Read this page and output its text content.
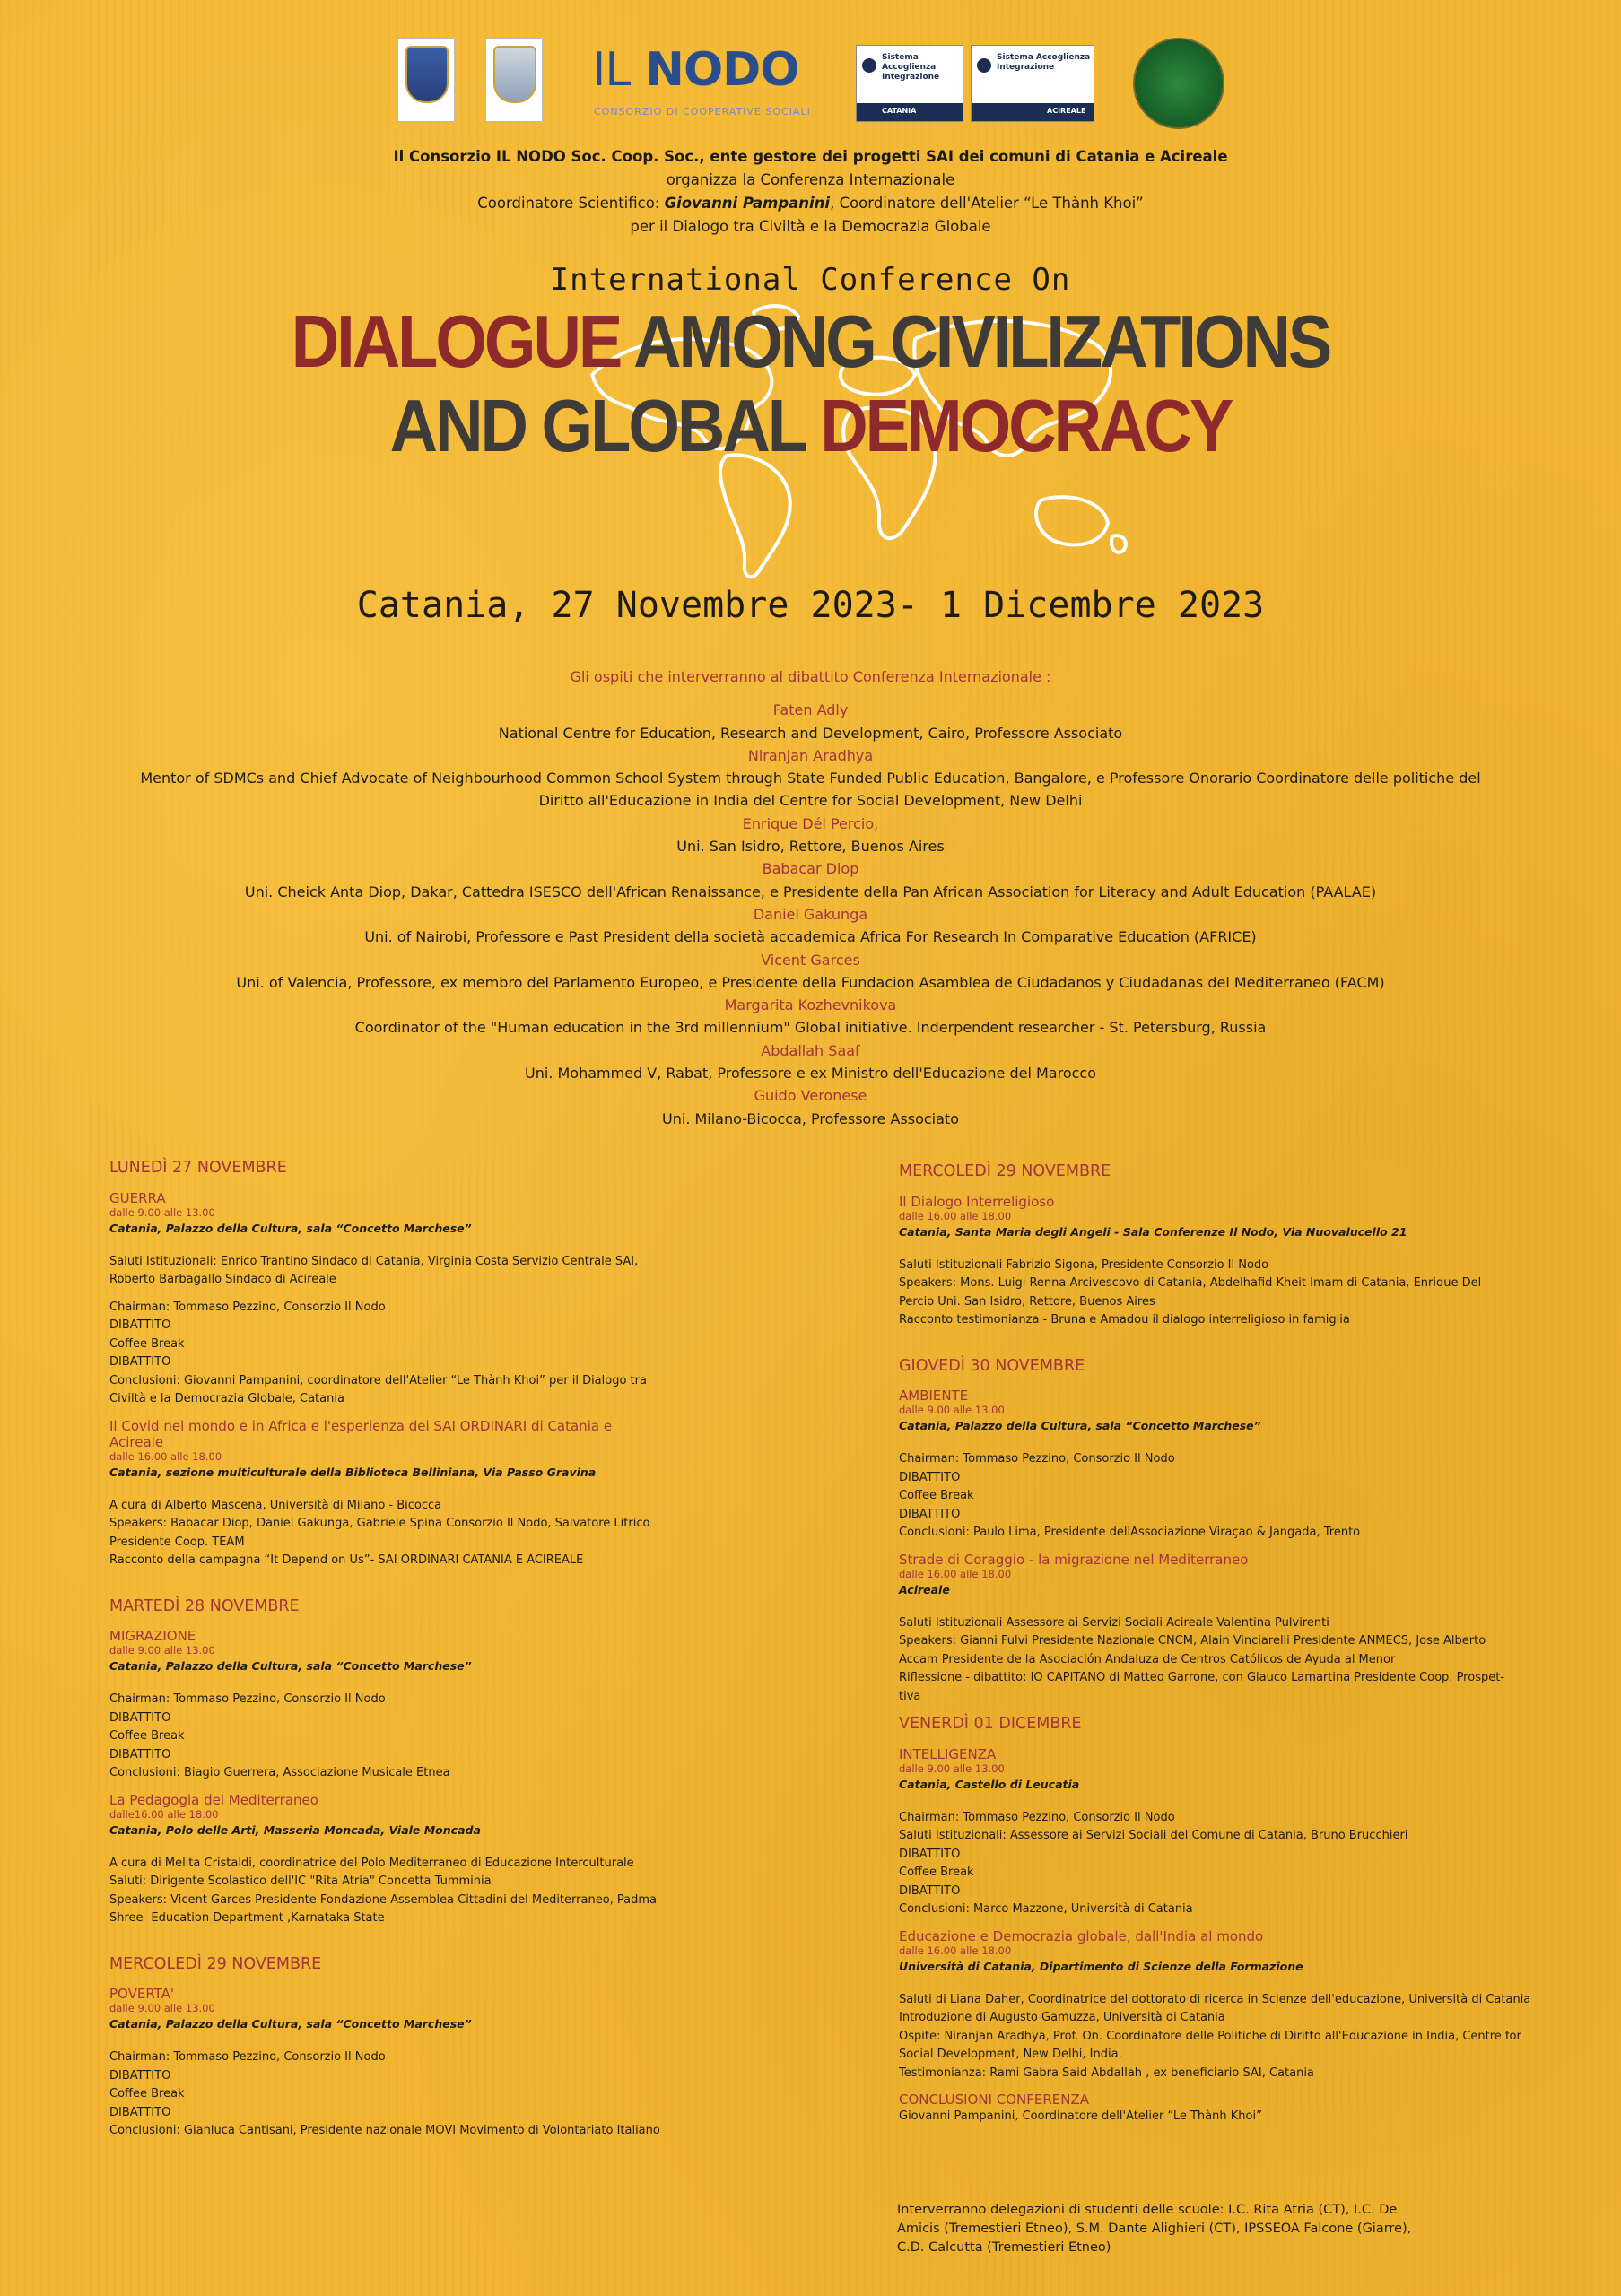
IL NODO
CONSORZIO DI COOPERATIVE SOCIALI
Sistema Accoglienza Integrazione
CATANIA
Sistema Accoglienza Integrazione
ACIREALE

Il Consorzio IL NODO Soc. Coop. Soc., ente gestore dei progetti SAI dei comuni di Catania e Acireale

organizza la Conferenza Internazionale

Coordinatore Scientifico: Giovanni Pampanini, Coordinatore dell'Atelier “Le Thành Khoi”

per il Dialogo tra Civiltà e la Democrazia Globale

International Conference On
DIALOGUE AMONG CIVILIZATIONS
AND GLOBAL DEMOCRACY
Catania, 27 Novembre 2023- 1 Dicembre 2023

Gli ospiti che interverranno al dibattito Conferenza Internazionale :

Faten Adly

National Centre for Education, Research and Development, Cairo, Professore Associato

Niranjan Aradhya

Mentor of SDMCs and Chief Advocate of Neighbourhood Common School System through State Funded Public Education, Bangalore, e Professore Onorario Coordinatore delle politiche del

Diritto all'Educazione in India del Centre for Social Development, New Delhi

Enrique Dél Percio,

Uni. San Isidro, Rettore, Buenos Aires

Babacar Diop

Uni. Cheick Anta Diop, Dakar, Cattedra ISESCO dell'African Renaissance, e Presidente della Pan African Association for Literacy and Adult Education (PAALAE)

Daniel Gakunga

Uni. of Nairobi, Professore e Past President della società accademica Africa For Research In Comparative Education (AFRICE)

Vicent Garces

Uni. of Valencia, Professore, ex membro del Parlamento Europeo, e Presidente della Fundacion Asamblea de Ciudadanos y Ciudadanas del Mediterraneo (FACM)

Margarita Kozhevnikova

Coordinator of the "Human education in the 3rd millennium" Global initiative. Inderpendent researcher - St. Petersburg, Russia

Abdallah Saaf

Uni. Mohammed V, Rabat, Professore e ex Ministro dell'Educazione del Marocco

Guido Veronese

Uni. Milano-Bicocca, Professore Associato

LUNEDÌ 27 NOVEMBRE

GUERRA

dalle 9.00 alle 13.00

Catania, Palazzo della Cultura, sala “Concetto Marchese”

Saluti Istituzionali: Enrico Trantino Sindaco di Catania, Virginia Costa Servizio Centrale SAI,

Roberto Barbagallo Sindaco di Acireale

Chairman: Tommaso Pezzino, Consorzio Il Nodo

DIBATTITO

Coffee Break

DIBATTITO

Conclusioni: Giovanni Pampanini, coordinatore dell'Atelier “Le Thành Khoi” per il Dialogo tra

Civiltà e la Democrazia Globale, Catania

Il Covid nel mondo e in Africa e l'esperienza dei SAI ORDINARI di Catania e

Acireale

dalle 16.00 alle 18.00

Catania, sezione multiculturale della Biblioteca Belliniana, Via Passo Gravina

A cura di Alberto Mascena, Università di Milano - Bicocca

Speakers: Babacar Diop, Daniel Gakunga, Gabriele Spina Consorzio Il Nodo, Salvatore Litrico

Presidente Coop. TEAM

Racconto della campagna “It Depend on Us”- SAI ORDINARI CATANIA E ACIREALE

MARTEDÌ 28 NOVEMBRE

MIGRAZIONE

dalle 9.00 alle 13.00

Catania, Palazzo della Cultura, sala “Concetto Marchese”

Chairman: Tommaso Pezzino, Consorzio Il Nodo

DIBATTITO

Coffee Break

DIBATTITO

Conclusioni: Biagio Guerrera, Associazione Musicale Etnea

La Pedagogia del Mediterraneo

dalle16.00 alle 18.00

Catania, Polo delle Arti, Masseria Moncada, Viale Moncada

A cura di Melita Cristaldi, coordinatrice del Polo Mediterraneo di Educazione Interculturale

Saluti: Dirigente Scolastico dell'IC "Rita Atria" Concetta Tumminia

Speakers: Vicent Garces Presidente Fondazione Assemblea Cittadini del Mediterraneo, Padma

Shree- Education Department ,Karnataka State

MERCOLEDÌ 29 NOVEMBRE

POVERTA'

dalle 9.00 alle 13.00

Catania, Palazzo della Cultura, sala “Concetto Marchese”

Chairman: Tommaso Pezzino, Consorzio Il Nodo

DIBATTITO

Coffee Break

DIBATTITO

Conclusioni: Gianluca Cantisani, Presidente nazionale MOVI Movimento di Volontariato Italiano

MERCOLEDÌ 29 NOVEMBRE

Il Dialogo Interreligioso

dalle 16.00 alle 18.00

Catania, Santa Maria degli Angeli - Sala Conferenze Il Nodo, Via Nuovalucello 21

Saluti Istituzionali Fabrizio Sigona, Presidente Consorzio Il Nodo

Speakers: Mons. Luigi Renna Arcivescovo di Catania, Abdelhafid Kheit Imam di Catania, Enrique Del

Percio Uni. San Isidro, Rettore, Buenos Aires

Racconto testimonianza - Bruna e Amadou il dialogo interreligioso in famiglia

GIOVEDÌ 30 NOVEMBRE

AMBIENTE

dalle 9.00 alle 13.00

Catania, Palazzo della Cultura, sala “Concetto Marchese”

Chairman: Tommaso Pezzino, Consorzio Il Nodo

DIBATTITO

Coffee Break

DIBATTITO

Conclusioni: Paulo Lima, Presidente dellAssociazione Viraçao & Jangada, Trento

Strade di Coraggio - la migrazione nel Mediterraneo

dalle 16.00 alle 18.00

Acireale

Saluti Istituzionali Assessore ai Servizi Sociali Acireale Valentina Pulvirenti

Speakers: Gianni Fulvi Presidente Nazionale CNCM, Alain Vinciarelli Presidente ANMECS, Jose Alberto

Accam Presidente de la Asociación Andaluza de Centros Católicos de Ayuda al Menor

Riflessione - dibattito: IO CAPITANO di Matteo Garrone, con Glauco Lamartina Presidente Coop. Prospet-

tiva

VENERDÌ 01 DICEMBRE

INTELLIGENZA

dalle 9.00 alle 13.00

Catania, Castello di Leucatia

Chairman: Tommaso Pezzino, Consorzio Il Nodo

Saluti Istituzionali: Assessore ai Servizi Sociali del Comune di Catania, Bruno Brucchieri

DIBATTITO

Coffee Break

DIBATTITO

Conclusioni: Marco Mazzone, Università di Catania

Educazione e Democrazia globale, dall'India al mondo

dalle 16.00 alle 18.00

Università di Catania, Dipartimento di Scienze della Formazione

Saluti di Liana Daher, Coordinatrice del dottorato di ricerca in Scienze dell'educazione, Università di Catania

Introduzione di Augusto Gamuzza, Università di Catania

Ospite: Niranjan Aradhya, Prof. On. Coordinatore delle Politiche di Diritto all'Educazione in India, Centre for

Social Development, New Delhi, India.

Testimonianza: Rami Gabra Said Abdallah , ex beneficiario SAI, Catania

CONCLUSIONI CONFERENZA

Giovanni Pampanini, Coordinatore dell'Atelier “Le Thành Khoi”

Interverranno delegazioni di studenti delle scuole: I.C. Rita Atria (CT), I.C. De

Amicis (Tremestieri Etneo), S.M. Dante Alighieri (CT), IPSSEOA Falcone (Giarre),

C.D. Calcutta (Tremestieri Etneo)
